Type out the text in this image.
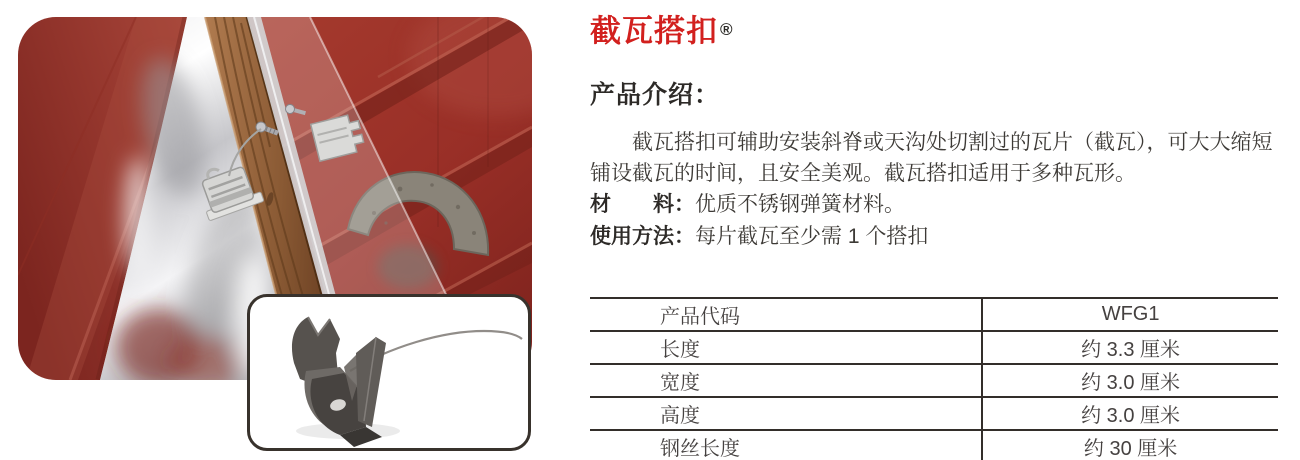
截瓦搭扣 ®
产品介绍：

截瓦搭扣可辅助安装斜脊或天沟处切割过的瓦片（截瓦），可大大缩短铺设截瓦的时间，且安全美观。截瓦搭扣适用于多种瓦形。

材　　料：优质不锈钢弹簧材料。
使用方法：每片截瓦至少需 1 个搭扣
产品代码	WFG1
长度	约 3.3 厘米
宽度	约 3.0 厘米
高度	约 3.0 厘米
钢丝长度	约 30 厘米
